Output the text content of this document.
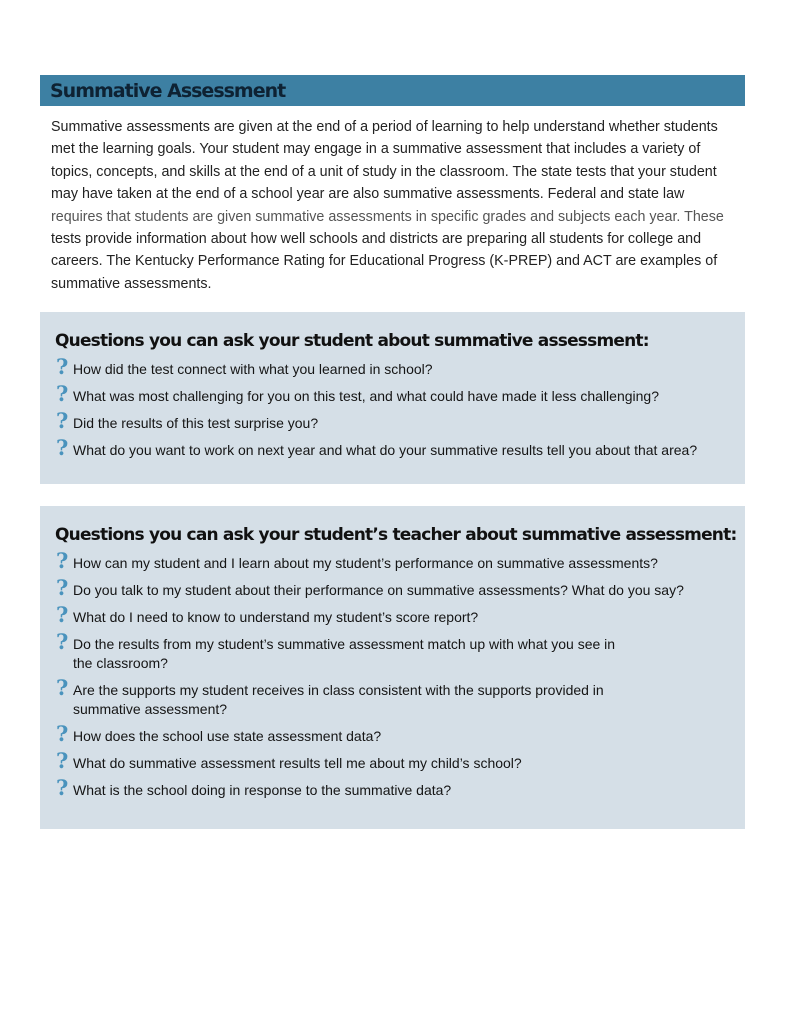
Summative Assessment
Summative assessments are given at the end of a period of learning to help understand whether students
met the learning goals. Your student may engage in a summative assessment that includes a variety of
topics, concepts, and skills at the end of a unit of study in the classroom. The state tests that your student
may have taken at the end of a school year are also summative assessments. Federal and state law
requires that students are given summative assessments in specific grades and subjects each year. These
tests provide information about how well schools and districts are preparing all students for college and
careers. The Kentucky Performance Rating for Educational Progress (K-PREP) and ACT are examples of
summative assessments.
Questions you can ask your student about summative assessment:
? How did the test connect with what you learned in school?
? What was most challenging for you on this test, and what could have made it less challenging?
? Did the results of this test surprise you?
? What do you want to work on next year and what do your summative results tell you about that area?
Questions you can ask your student’s teacher about summative assessment:
? How can my student and I learn about my student’s performance on summative assessments?
? Do you talk to my student about their performance on summative assessments? What do you say?
? What do I need to know to understand my student’s score report?
? Do the results from my student’s summative assessment match up with what you see in
the classroom?
? Are the supports my student receives in class consistent with the supports provided in
summative assessment?
? How does the school use state assessment data?
? What do summative assessment results tell me about my child’s school?
? What is the school doing in response to the summative data?
